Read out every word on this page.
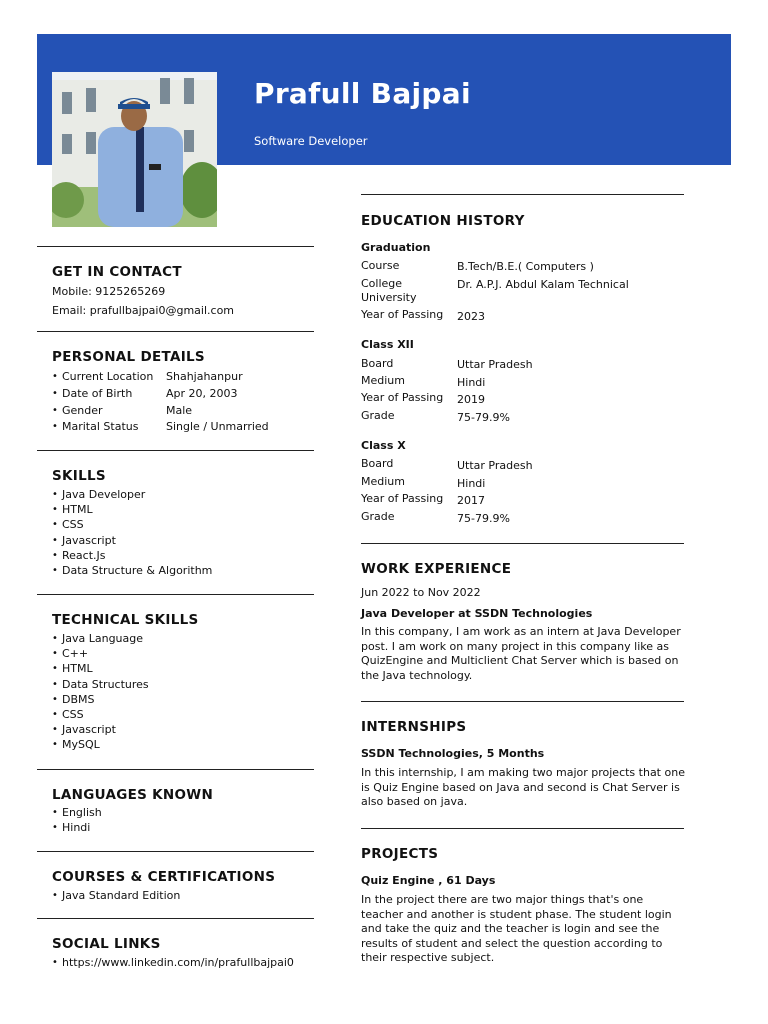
Prafull Bajpai
Software Developer
GET IN CONTACT
Mobile: 9125265269
Email: prafullbajpai0@gmail.com
PERSONAL DETAILS
• Current Location Shahjahanpur
• Date of Birth	Apr 20, 2003
• Gender	Male
• Marital Status	Single / Unmarried
SKILLS
• Java Developer
• HTML
• CSS
• Javascript
• React.Js
• Data Structure & Algorithm
TECHNICAL SKILLS
• Java Language
• C++
• HTML
• Data Structures
• DBMS
• CSS
• Javascript
• MySQL
LANGUAGES KNOWN
• English
• Hindi
COURSES & CERTIFICATIONS
• Java Standard Edition
SOCIAL LINKS
• https://www.linkedin.com/in/prafullbajpai0
EDUCATION HISTORY
Graduation
Course	B.Tech/B.E.( Computers )
College	Dr. A.P.J. Abdul Kalam Technical
University
Year of Passing 2023
Class XII
Board	Uttar Pradesh
Medium	Hindi
Year of Passing 2019
Grade	75-79.9%
Class X
Board	Uttar Pradesh
Medium	Hindi
Year of Passing 2017
Grade	75-79.9%
WORK EXPERIENCE
Jun 2022 to Nov 2022
Java Developer at SSDN Technologies
In this company, I am work as an intern at Java Developer post. I am work on many project in this company like as QuizEngine and Multiclient Chat Server which is based on the Java technology.
INTERNSHIPS
SSDN Technologies, 5 Months
In this internship, I am making two major projects that one is Quiz Engine based on Java and second is Chat Server is also based on java.
PROJECTS
Quiz Engine , 61 Days
In the project there are two major things that's one teacher and another is student phase. The student login and take the quiz and the teacher is login and see the results of student and select the question according to their respective subject.
